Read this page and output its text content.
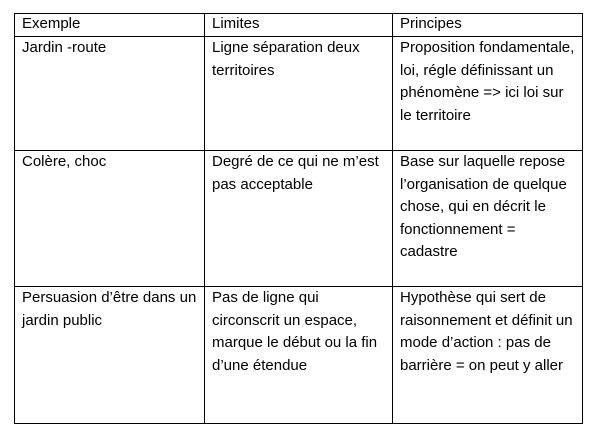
Exemple	Limites	Principes
Jardin -route	Ligne séparation deux territoires	Proposition fondamentale, loi, régle définissant un phénomène => ici loi sur le territoire
Colère, choc	Degré de ce qui ne m’est pas acceptable	Base sur laquelle repose l’organisation de quelque chose, qui en décrit le fonctionnement = cadastre
Persuasion d’être dans un jardin public	Pas de ligne qui circonscrit un espace, marque le début ou la fin d’une étendue	Hypothèse qui sert de raisonnement et définit un mode d’action : pas de barrière = on peut y aller
